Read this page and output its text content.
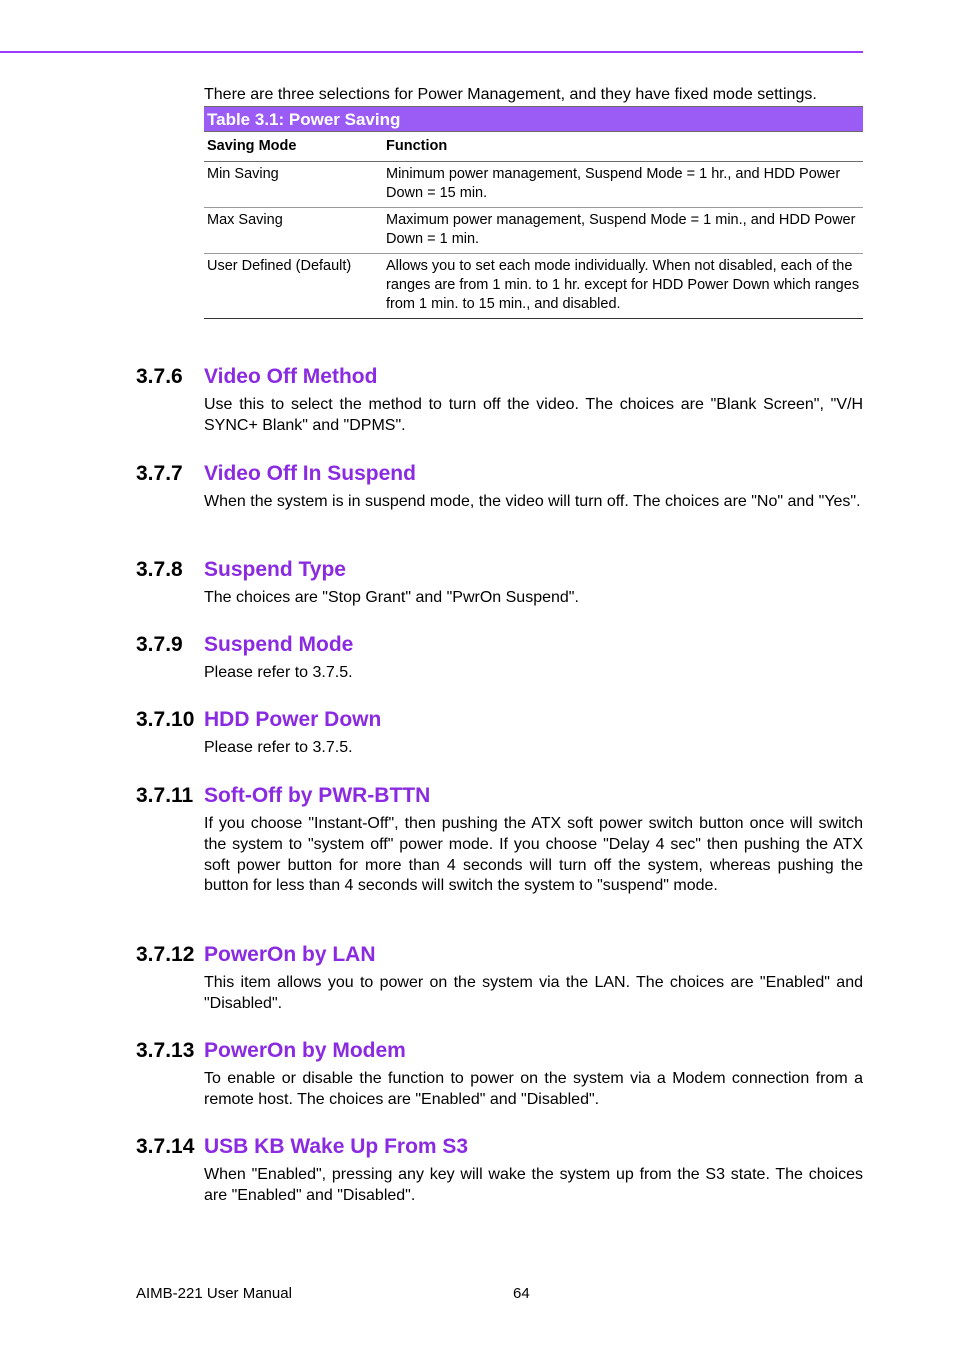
There are three selections for Power Management, and they have fixed mode settings.

Table 3.1: Power Saving
Saving Mode	Function
Min Saving	Minimum power management, Suspend Mode = 1 hr., and HDD Power Down = 15 min.
Max Saving	Maximum power management, Suspend Mode = 1 min., and HDD Power Down = 1 min.
User Defined (Default)	Allows you to set each mode individually. When not disabled, each of the ranges are from 1 min. to 1 hr. except for HDD Power Down which ranges from 1 min. to 15 min., and disabled.
3.7.6	Video Off Method

Use this to select the method to turn off the video. The choices are "Blank Screen", "V/H SYNC+ Blank" and "DPMS".

3.7.7	Video Off In Suspend

When the system is in suspend mode, the video will turn off. The choices are "No" and "Yes".

3.7.8	Suspend Type

The choices are "Stop Grant" and "PwrOn Suspend".

3.7.9	Suspend Mode

Please refer to 3.7.5.

3.7.10 HDD Power Down

Please refer to 3.7.5.

3.7.11 Soft-Off by PWR-BTTN

If you choose "Instant-Off", then pushing the ATX soft power switch button once will switch the system to "system off" power mode. If you choose "Delay 4 sec" then pushing the ATX soft power button for more than 4 seconds will turn off the system, whereas pushing the button for less than 4 seconds will switch the system to "suspend" mode.

3.7.12 PowerOn by LAN

This item allows you to power on the system via the LAN. The choices are "Enabled" and "Disabled".

3.7.13 PowerOn by Modem

To enable or disable the function to power on the system via a Modem connection from a remote host. The choices are "Enabled" and "Disabled".

3.7.14 USB KB Wake Up From S3

When "Enabled", pressing any key will wake the system up from the S3 state. The choices are "Enabled" and "Disabled".

AIMB-221 User Manual	64
